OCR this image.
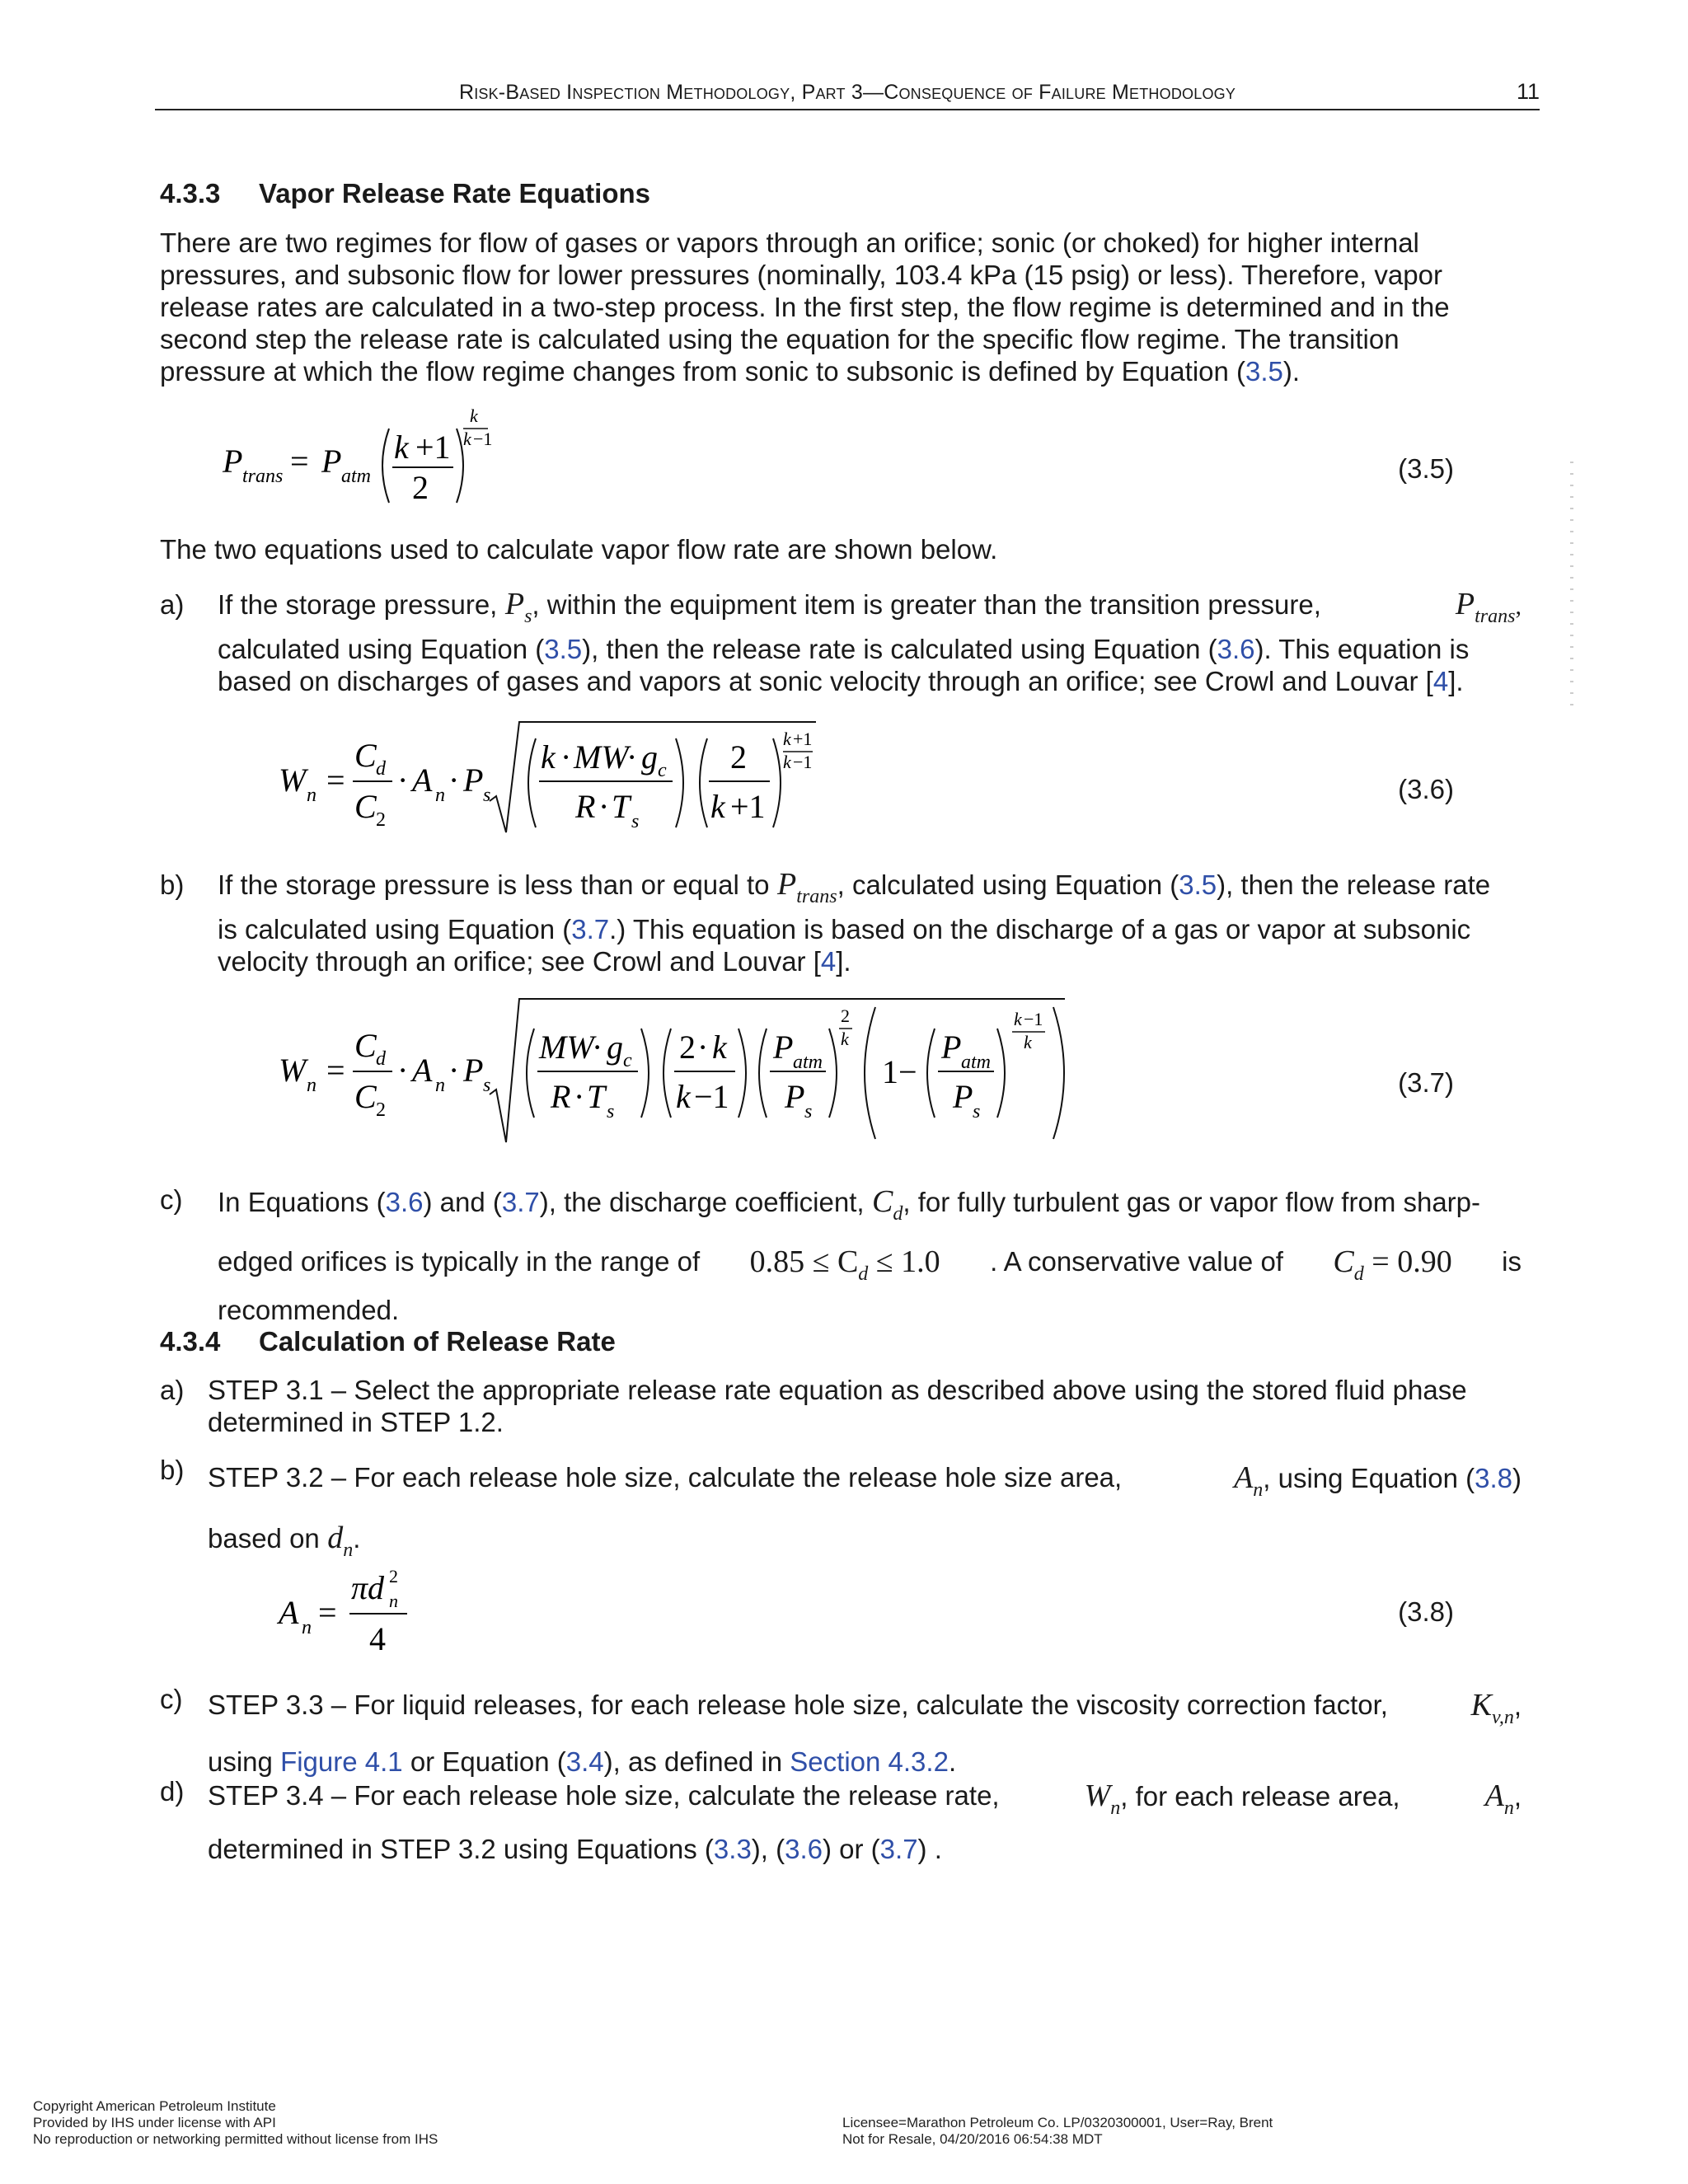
Risk-Based Inspection Methodology, Part 3—Consequence of Failure Methodology	11
4.3.3 Vapor Release Rate Equations
There are two regimes for flow of gases or vapors through an orifice; sonic (or choked) for higher internal
pressures, and subsonic flow for lower pressures (nominally, 103.4 kPa (15 psig) or less). Therefore, vapor
release rates are calculated in a two-step process. In the first step, the flow regime is determined and in the
second step the release rate is calculated using the equation for the specific flow regime. The transition
pressure at which the flow regime changes from sonic to subsonic is defined by Equation (3.5).
P trans = P atm
k +1
2
k
k −1
(3.5)
The two equations used to calculate vapor flow rate are shown below.
a) If the storage pressure, $P_s$, within the equipment item is greater than the transition pressure,	$P_{trans}$,
calculated using Equation (3.5), then the release rate is calculated using Equation (3.6). This equation is
based on discharges of gases and vapors at sonic velocity through an orifice; see Crowl and Louvar [4].
W n =
C d
C 2
· A n · P s
k · MW
· g c
R · T s
2
k +1
k +1
k −1
(3.6)
b) If the storage pressure is less than or equal to $P_{trans}$, calculated using Equation (3.5), then the release rate
is calculated using Equation (3.7.) This equation is based on the discharge of a gas or vapor at subsonic
velocity through an orifice; see Crowl and Louvar [4].
W n =
C d
C 2
· A n · P s
MW
· g c
R · T s
2 · k
k −1
P atm
P s
2
k
1−
P atm
P s
k −1
k
(3.7)
c) In Equations (3.6) and (3.7), the discharge coefficient, $C_d$, for fully turbulent gas or vapor flow from sharp-
edged orifices is typically in the range of $0.85 \le C_d \le 1.0$ . A conservative value of $C_d = 0.90$ is
recommended.
4.3.4 Calculation of Release Rate
a) STEP 3.1 – Select the appropriate release rate equation as described above using the stored fluid phase
determined in STEP 1.2.
b) STEP 3.2 – For each release hole size, calculate the release hole size area,	$A_n$, using Equation (3.8)
based on $d_n$.
A n =
πd 2
n
4
(3.8)
c) STEP 3.3 – For liquid releases, for each release hole size, calculate the viscosity correction factor,	$K_{v,n}$,
using Figure 4.1 or Equation (3.4), as defined in Section 4.3.2.
d) STEP 3.4 – For each release hole size, calculate the release rate,	$W_n$, for each release area,	$A_n$,
determined in STEP 3.2 using Equations (3.3), (3.6) or (3.7) .
Copyright American Petroleum Institute
Provided by IHS under license with API
No reproduction or networking permitted without license from IHS
Licensee=Marathon Petroleum Co. LP/0320300001, User=Ray, Brent
Not for Resale, 04/20/2016 06:54:38 MDT
